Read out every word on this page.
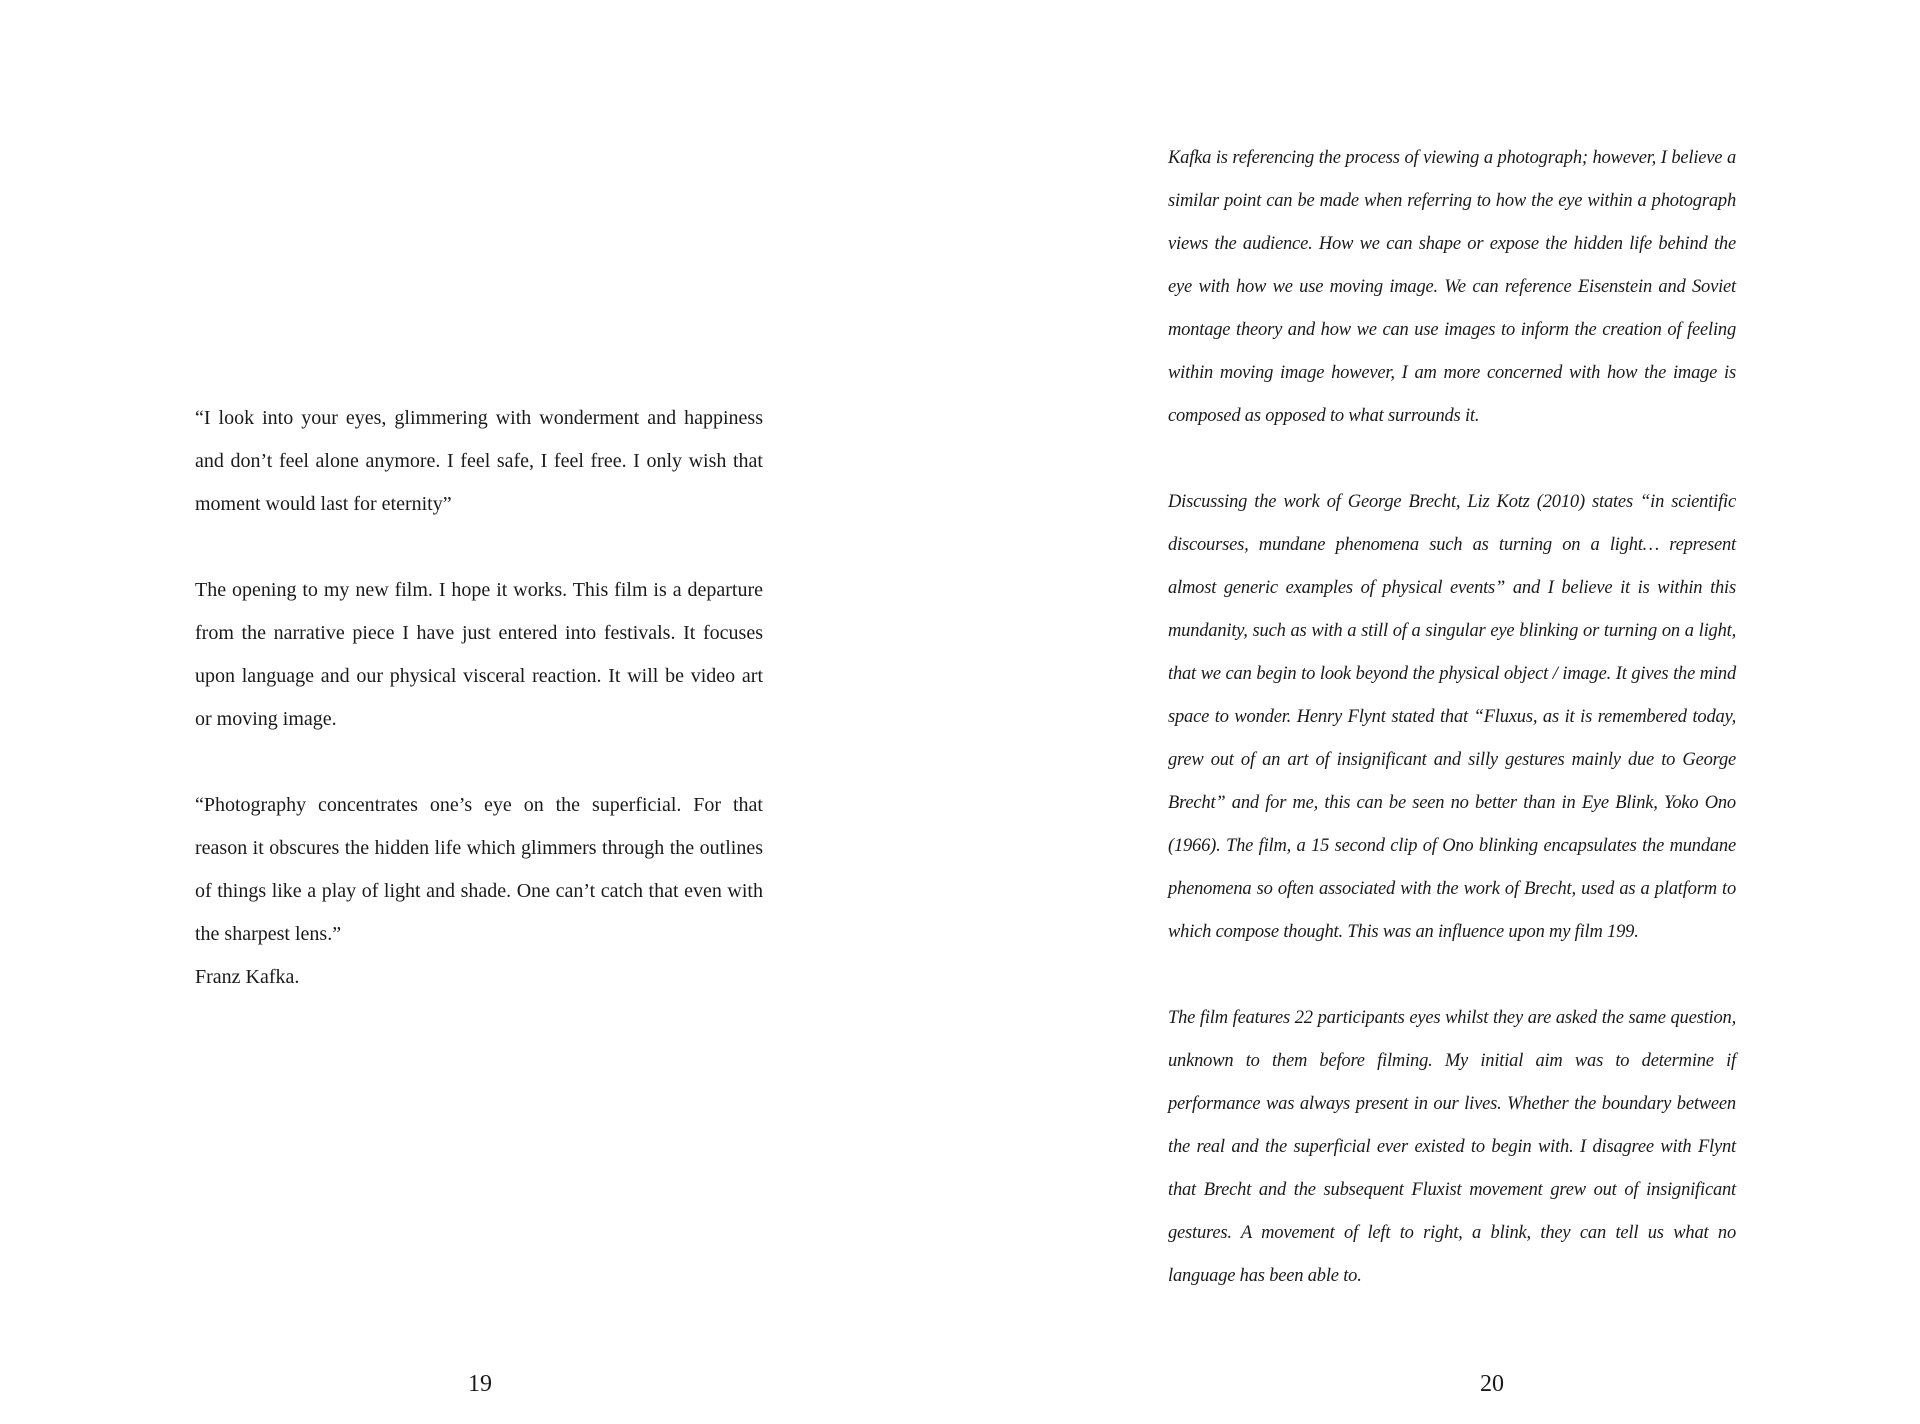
“I look into your eyes, glimmering with wonderment and happiness and don’t feel alone anymore. I feel safe, I feel free. I only wish that moment would last for eternity”

The opening to my new film. I hope it works. This film is a departure from the narrative piece I have just entered into festivals. It focuses upon language and our physical visceral reaction. It will be video art or moving image.

“Photography concentrates one’s eye on the superficial. For that reason it obscures the hidden life which glimmers through the outlines of things like a play of light and shade. One can’t catch that even with the sharpest lens.”

Franz Kafka.

19

Kafka is referencing the process of viewing a photograph; however, I believe a similar point can be made when referring to how the eye within a photograph views the audience. How we can shape or expose the hidden life behind the eye with how we use moving image. We can reference Eisenstein and Soviet montage theory and how we can use images to inform the creation of feeling within moving image however, I am more concerned with how the image is composed as opposed to what surrounds it.

Discussing the work of George Brecht, Liz Kotz (2010) states “in scientific discourses, mundane phenomena such as turning on a light… represent almost generic examples of physical events” and I believe it is within this mundanity, such as with a still of a singular eye blinking or turning on a light, that we can begin to look beyond the physical object / image. It gives the mind space to wonder. Henry Flynt stated that “Fluxus, as it is remembered today, grew out of an art of insignificant and silly gestures mainly due to George Brecht” and for me, this can be seen no better than in Eye Blink, Yoko Ono (1966). The film, a 15 second clip of Ono blinking encapsulates the mundane phenomena so often associated with the work of Brecht, used as a platform to which compose thought. This was an influence upon my film 199.

The film features 22 participants eyes whilst they are asked the same question, unknown to them before filming. My initial aim was to determine if performance was always present in our lives. Whether the boundary between the real and the superficial ever existed to begin with. I disagree with Flynt that Brecht and the subsequent Fluxist movement grew out of insignificant gestures. A movement of left to right, a blink, they can tell us what no language has been able to.

20
